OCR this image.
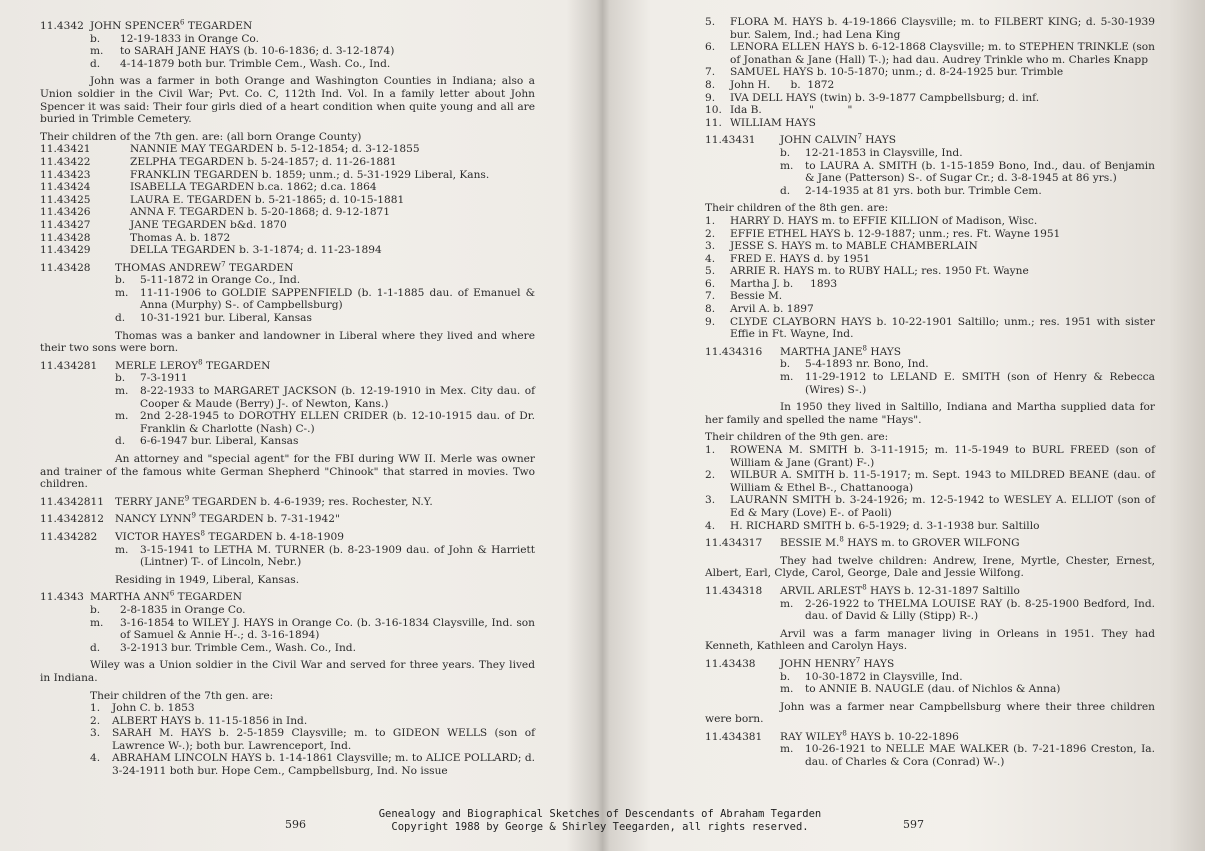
11.4342 JOHN SPENCER$^6$ TEGARDEN
b. 12-19-1833 in Orange Co.
m. to SARAH JANE HAYS (b. 10-6-1836; d. 3-12-1874)
d. 4-14-1879 both bur. Trimble Cem., Wash. Co., Ind.
John was a farmer in both Orange and Washington Counties in Indiana; also a Union soldier in the Civil War; Pvt. Co. C, 112th Ind. Vol. In a family letter about John Spencer it was said: Their four girls died of a heart condition when quite young and all are buried in Trimble Cemetery.
Their children of the 7th gen. are: (all born Orange County)
11.43421	NANNIE MAY TEGARDEN b. 5-12-1854; d. 3-12-1855
11.43422	ZELPHA TEGARDEN b. 5-24-1857; d. 11-26-1881
11.43423	FRANKLIN TEGARDEN b. 1859; unm.; d. 5-31-1929 Liberal, Kans.
11.43424	ISABELLA TEGARDEN b.ca. 1862; d.ca. 1864
11.43425	LAURA E. TEGARDEN b. 5-21-1865; d. 10-15-1881
11.43426	ANNA F. TEGARDEN b. 5-20-1868; d. 9-12-1871
11.43427	JANE TEGARDEN b&d. 1870
11.43428	Thomas A. b. 1872
11.43429	DELLA TEGARDEN b. 3-1-1874; d. 11-23-1894
11.43428 THOMAS ANDREW$^7$ TEGARDEN
b. 5-11-1872 in Orange Co., Ind.
m. 11-11-1906 to GOLDIE SAPPENFIELD (b. 1-1-1885 dau. of Emanuel & Anna (Murphy) S-. of Campbellsburg)
d. 10-31-1921 bur. Liberal, Kansas
Thomas was a banker and landowner in Liberal where they lived and where their two sons were born.
11.434281 MERLE LEROY$^8$ TEGARDEN
b. 7-3-1911
m. 8-22-1933 to MARGARET JACKSON (b. 12-19-1910 in Mex. City dau. of Cooper & Maude (Berry) J-. of Newton, Kans.)
m. 2nd 2-28-1945 to DOROTHY ELLEN CRIDER (b. 12-10-1915 dau. of Dr. Franklin & Charlotte (Nash) C-.)
d. 6-6-1947 bur. Liberal, Kansas
An attorney and "special agent" for the FBI during WW II. Merle was owner and trainer of the famous white German Shepherd "Chinook" that starred in movies. Two children.
11.4342811 TERRY JANE$^9$ TEGARDEN b. 4-6-1939; res. Rochester, N.Y.
11.4342812 NANCY LYNN$^9$ TEGARDEN b. 7-31-1942"
11.434282 VICTOR HAYES$^8$ TEGARDEN b. 4-18-1909
m. 3-15-1941 to LETHA M. TURNER (b. 8-23-1909 dau. of John & Harriett (Lintner) T-. of Lincoln, Nebr.)
Residing in 1949, Liberal, Kansas.
11.4343 MARTHA ANN$^6$ TEGARDEN
b. 2-8-1835 in Orange Co.
m. 3-16-1854 to WILEY J. HAYS in Orange Co. (b. 3-16-1834 Claysville, Ind. son of Samuel & Annie H-.; d. 3-16-1894)
d. 3-2-1913 bur. Trimble Cem., Wash. Co., Ind.
Wiley was a Union soldier in the Civil War and served for three years. They lived in Indiana.
Their children of the 7th gen. are:
1. John C. b. 1853
2. ALBERT HAYS b. 11-15-1856 in Ind.
3. SARAH M. HAYS b. 2-5-1859 Claysville; m. to GIDEON WELLS (son of Lawrence W-.); both bur. Lawrenceport, Ind.
4. ABRAHAM LINCOLN HAYS b. 1-14-1861 Claysville; m. to ALICE POLLARD; d. 3-24-1911 both bur. Hope Cem., Campbellsburg, Ind. No issue
596
5. FLORA M. HAYS b. 4-19-1866 Claysville; m. to FILBERT KING; d. 5-30-1939 bur. Salem, Ind.; had Lena King
6. LENORA ELLEN HAYS b. 6-12-1868 Claysville; m. to STEPHEN TRINKLE (son of Jonathan & Jane (Hall) T-.); had dau. Audrey Trinkle who m. Charles Knapp
7. SAMUEL HAYS b. 10-5-1870; unm.; d. 8-24-1925 bur. Trimble
8. John H.      b.  1872
9. IVA DELL HAYS (twin) b. 3-9-1877 Campbellsburg; d. inf.
10. Ida B.              "          "
11. WILLIAM HAYS
11.43431 JOHN CALVIN$^7$ HAYS
b. 12-21-1853 in Claysville, Ind.
m. to LAURA A. SMITH (b. 1-15-1859 Bono, Ind., dau. of Benjamin & Jane (Patterson) S-. of Sugar Cr.; d. 3-8-1945 at 86 yrs.)
d. 2-14-1935 at 81 yrs. both bur. Trimble Cem.
Their children of the 8th gen. are:
1. HARRY D. HAYS m. to EFFIE KILLION of Madison, Wisc.
2. EFFIE ETHEL HAYS b. 12-9-1887; unm.; res. Ft. Wayne 1951
3. JESSE S. HAYS m. to MABLE CHAMBERLAIN
4. FRED E. HAYS d. by 1951
5. ARRIE R. HAYS m. to RUBY HALL; res. 1950 Ft. Wayne
6. Martha J. b.     1893
7. Bessie M.
8. Arvil A. b. 1897
9. CLYDE CLAYBORN HAYS b. 10-22-1901 Saltillo; unm.; res. 1951 with sister Effie in Ft. Wayne, Ind.
11.434316 MARTHA JANE$^8$ HAYS
b. 5-4-1893 nr. Bono, Ind.
m. 11-29-1912 to LELAND E. SMITH (son of Henry & Rebecca (Wires) S-.)
In 1950 they lived in Saltillo, Indiana and Martha supplied data for her family and spelled the name "Hays".
Their children of the 9th gen. are:
1. ROWENA M. SMITH b. 3-11-1915; m. 11-5-1949 to BURL FREED (son of William & Jane (Grant) F-.)
2. WILBUR A. SMITH b. 11-5-1917; m. Sept. 1943 to MILDRED BEANE (dau. of William & Ethel B-., Chattanooga)
3. LAURANN SMITH b. 3-24-1926; m. 12-5-1942 to WESLEY A. ELLIOT (son of Ed & Mary (Love) E-. of Paoli)
4. H. RICHARD SMITH b. 6-5-1929; d. 3-1-1938 bur. Saltillo
11.434317 BESSIE M.$^8$ HAYS m. to GROVER WILFONG
They had twelve children: Andrew, Irene, Myrtle, Chester, Ernest, Albert, Earl, Clyde, Carol, George, Dale and Jessie Wilfong.
11.434318 ARVIL ARLEST$^8$ HAYS b. 12-31-1897 Saltillo
m. 2-26-1922 to THELMA LOUISE RAY (b. 8-25-1900 Bedford, Ind. dau. of David & Lilly (Stipp) R-.)
Arvil was a farm manager living in Orleans in 1951. They had Kenneth, Kathleen and Carolyn Hays.
11.43438 JOHN HENRY$^7$ HAYS
b. 10-30-1872 in Claysville, Ind.
m. to ANNIE B. NAUGLE (dau. of Nichlos & Anna)
John was a farmer near Campbellsburg where their three children were born.
11.434381 RAY WILEY$^8$ HAYS b. 10-22-1896
m. 10-26-1921 to NELLE MAE WALKER (b. 7-21-1896 Creston, Ia. dau. of Charles & Cora (Conrad) W-.)
597
Genealogy and Biographical Sketches of Descendants of Abraham Tegarden
Copyright 1988 by George & Shirley Teegarden, all rights reserved.
